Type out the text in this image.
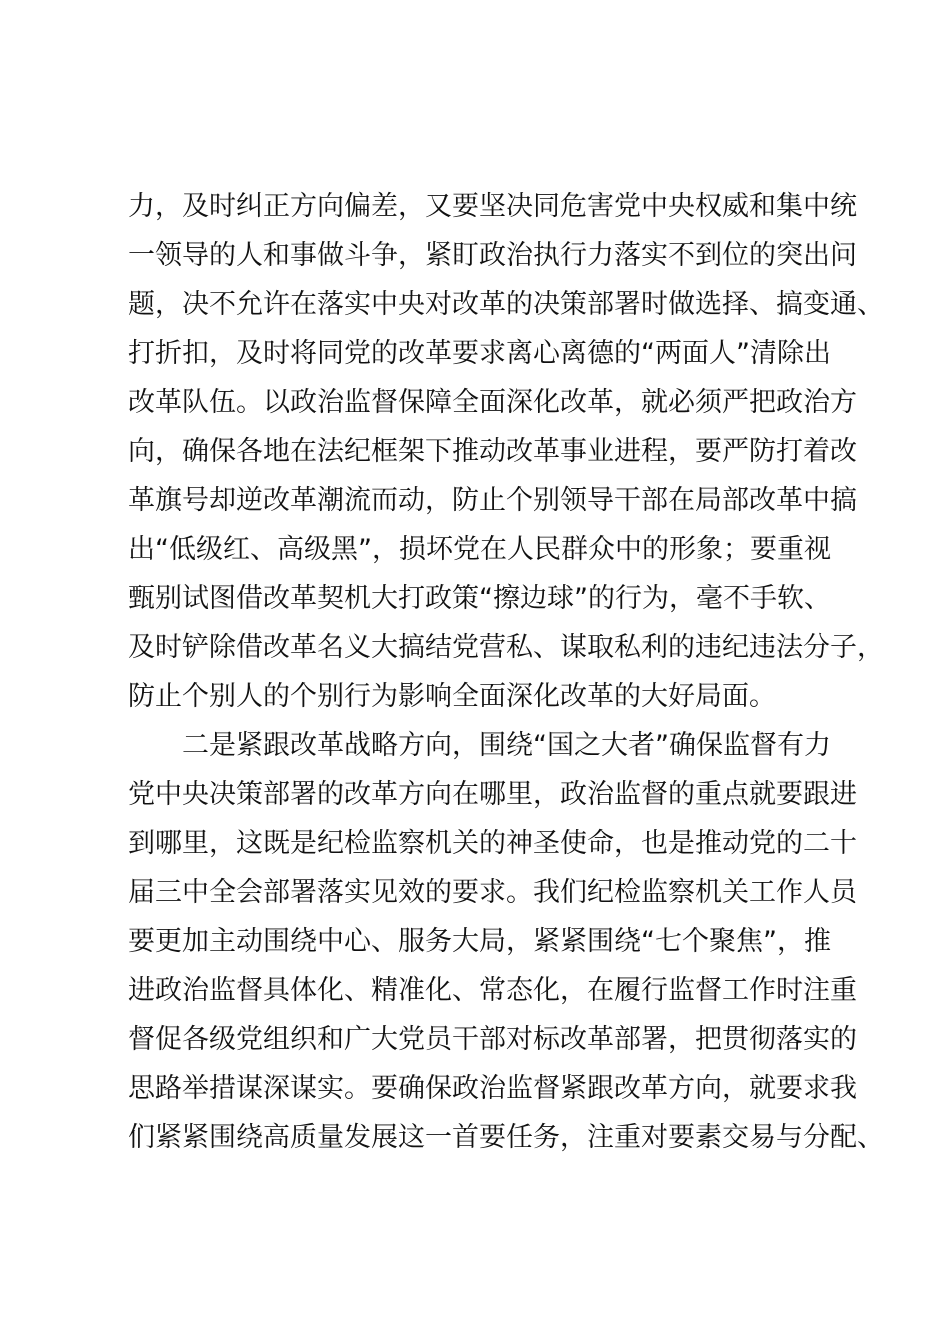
力，及时纠正方向偏差，又要坚决同危害党中央权威和集中统
一领导的人和事做斗争，紧盯政治执行力落实不到位的突出问
题，决不允许在落实中央对改革的决策部署时做选择、搞变通、
打折扣，及时将同党的改革要求离心离德的“两面人”清除出
改革队伍。以政治监督保障全面深化改革，就必须严把政治方
向，确保各地在法纪框架下推动改革事业进程，要严防打着改
革旗号却逆改革潮流而动，防止个别领导干部在局部改革中搞
出“低级红、高级黑”，损坏党在人民群众中的形象；要重视
甄别试图借改革契机大打政策“擦边球”的行为，毫不手软、
及时铲除借改革名义大搞结党营私、谋取私利的违纪违法分子，
防止个别人的个别行为影响全面深化改革的大好局面。
二是紧跟改革战略方向，围绕“国之大者”确保监督有力
党中央决策部署的改革方向在哪里，政治监督的重点就要跟进
到哪里，这既是纪检监察机关的神圣使命，也是推动党的二十
届三中全会部署落实见效的要求。我们纪检监察机关工作人员
要更加主动围绕中心、服务大局，紧紧围绕“七个聚焦”，推
进政治监督具体化、精准化、常态化，在履行监督工作时注重
督促各级党组织和广大党员干部对标改革部署，把贯彻落实的
思路举措谋深谋实。要确保政治监督紧跟改革方向，就要求我
们紧紧围绕高质量发展这一首要任务，注重对要素交易与分配、
